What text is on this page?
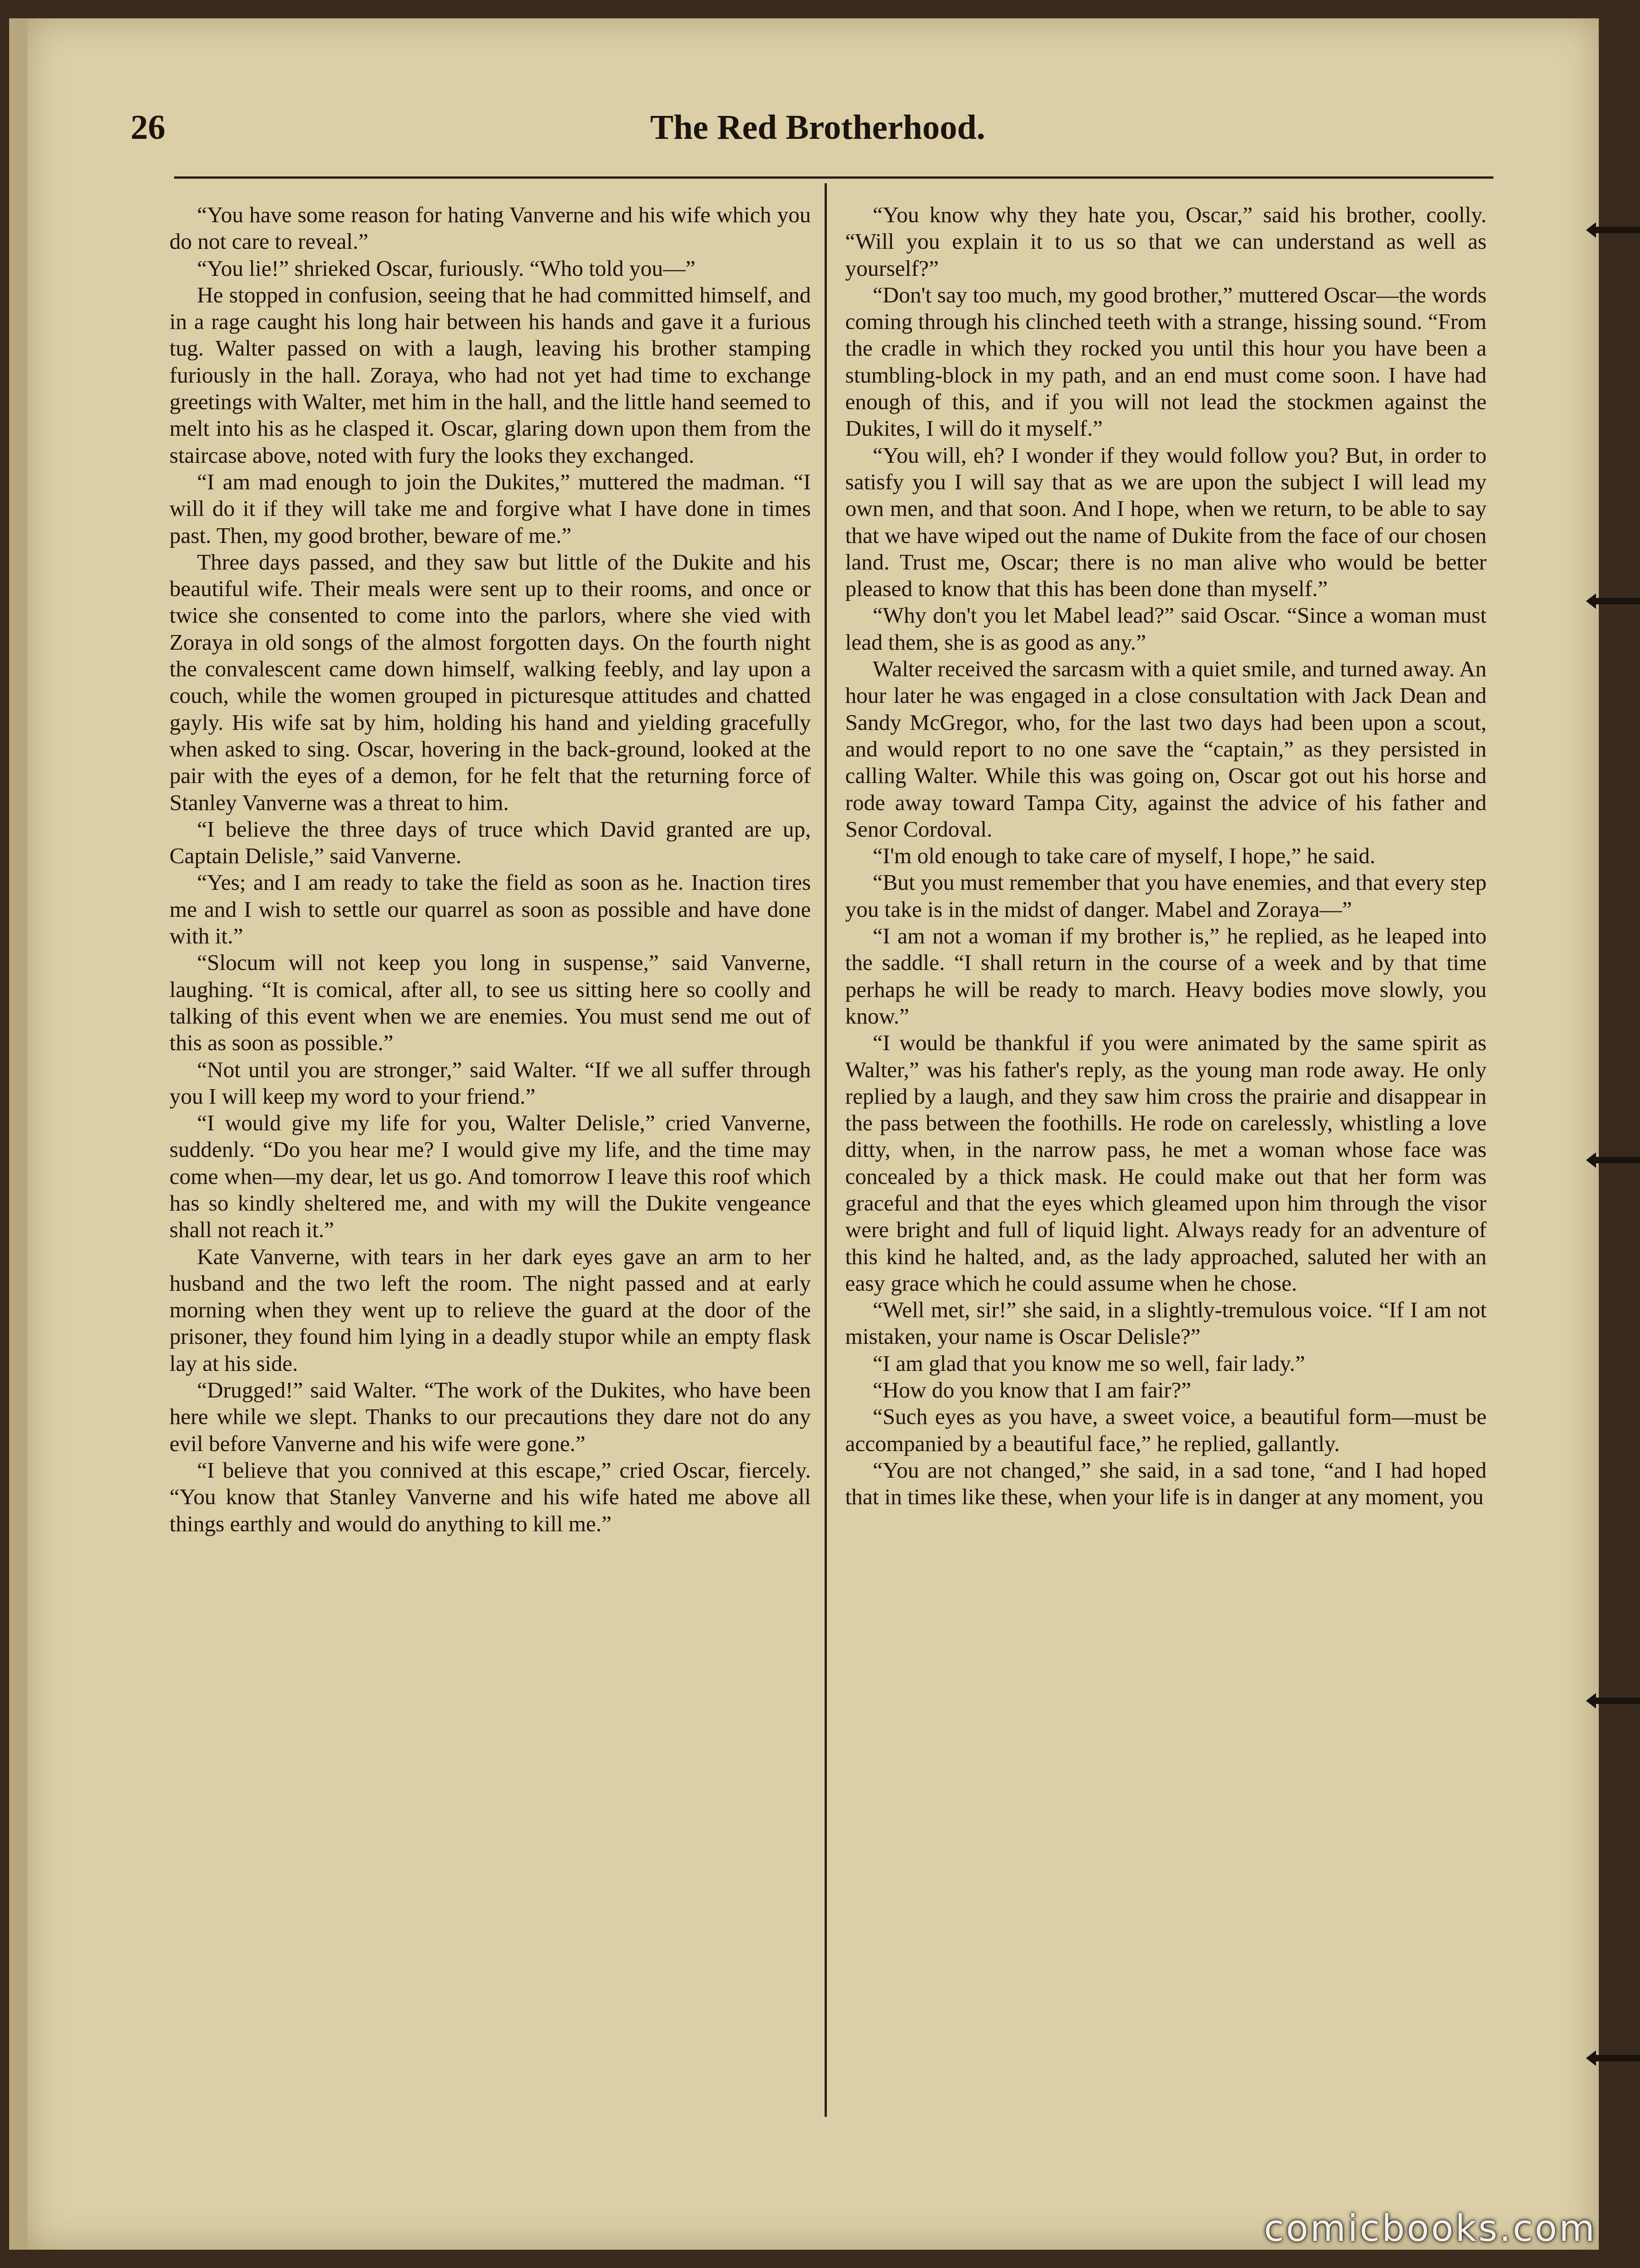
26	The Red Brotherhood.

“You have some reason for hating Vanverne and his wife which you do not care to reveal.”

“You lie!” shrieked Oscar, furiously. “Who told you—”

He stopped in confusion, seeing that he had committed himself, and in a rage caught his long hair between his hands and gave it a furious tug. Walter passed on with a laugh, leaving his brother stamping furiously in the hall. Zoraya, who had not yet had time to exchange greetings with Walter, met him in the hall, and the little hand seemed to melt into his as he clasped it. Oscar, glaring down upon them from the staircase above, noted with fury the looks they exchanged.

“I am mad enough to join the Dukites,” muttered the madman. “I will do it if they will take me and forgive what I have done in times past. Then, my good brother, beware of me.”

Three days passed, and they saw but little of the Dukite and his beautiful wife. Their meals were sent up to their rooms, and once or twice she consented to come into the parlors, where she vied with Zoraya in old songs of the almost forgotten days. On the fourth night the convalescent came down himself, walking feebly, and lay upon a couch, while the women grouped in picturesque attitudes and chatted gayly. His wife sat by him, holding his hand and yielding gracefully when asked to sing. Oscar, hovering in the back-ground, looked at the pair with the eyes of a demon, for he felt that the returning force of Stanley Vanverne was a threat to him.

“I believe the three days of truce which David granted are up, Captain Delisle,” said Vanverne.

“Yes; and I am ready to take the field as soon as he. Inaction tires me and I wish to settle our quarrel as soon as possible and have done with it.”

“Slocum will not keep you long in suspense,” said Vanverne, laughing. “It is comical, after all, to see us sitting here so coolly and talking of this event when we are enemies. You must send me out of this as soon as possible.”

“Not until you are stronger,” said Walter. “If we all suffer through you I will keep my word to your friend.”

“I would give my life for you, Walter Delisle,” cried Vanverne, suddenly. “Do you hear me? I would give my life, and the time may come when—my dear, let us go. And tomorrow I leave this roof which has so kindly sheltered me, and with my will the Dukite vengeance shall not reach it.”

Kate Vanverne, with tears in her dark eyes gave an arm to her husband and the two left the room. The night passed and at early morning when they went up to relieve the guard at the door of the prisoner, they found him lying in a deadly stupor while an empty flask lay at his side.

“Drugged!” said Walter. “The work of the Dukites, who have been here while we slept. Thanks to our precautions they dare not do any evil before Vanverne and his wife were gone.”

“I believe that you connived at this escape,” cried Oscar, fiercely. “You know that Stanley Vanverne and his wife hated me above all things earthly and would do anything to kill me.”

“You know why they hate you, Oscar,” said his brother, coolly. “Will you explain it to us so that we can understand as well as yourself?”

“Don't say too much, my good brother,” muttered Oscar—the words coming through his clinched teeth with a strange, hissing sound. “From the cradle in which they rocked you until this hour you have been a stumbling-block in my path, and an end must come soon. I have had enough of this, and if you will not lead the stockmen against the Dukites, I will do it myself.”

“You will, eh? I wonder if they would follow you? But, in order to satisfy you I will say that as we are upon the subject I will lead my own men, and that soon. And I hope, when we return, to be able to say that we have wiped out the name of Dukite from the face of our chosen land. Trust me, Oscar; there is no man alive who would be better pleased to know that this has been done than myself.”

“Why don't you let Mabel lead?” said Oscar. “Since a woman must lead them, she is as good as any.”

Walter received the sarcasm with a quiet smile, and turned away. An hour later he was engaged in a close consultation with Jack Dean and Sandy McGregor, who, for the last two days had been upon a scout, and would report to no one save the “captain,” as they persisted in calling Walter. While this was going on, Oscar got out his horse and rode away toward Tampa City, against the advice of his father and Senor Cordoval.

“I'm old enough to take care of myself, I hope,” he said.

“But you must remember that you have enemies, and that every step you take is in the midst of danger. Mabel and Zoraya—”

“I am not a woman if my brother is,” he replied, as he leaped into the saddle. “I shall return in the course of a week and by that time perhaps he will be ready to march. Heavy bodies move slowly, you know.”

“I would be thankful if you were animated by the same spirit as Walter,” was his father's reply, as the young man rode away. He only replied by a laugh, and they saw him cross the prairie and disappear in the pass between the foothills. He rode on carelessly, whistling a love ditty, when, in the narrow pass, he met a woman whose face was concealed by a thick mask. He could make out that her form was graceful and that the eyes which gleamed upon him through the visor were bright and full of liquid light. Always ready for an adventure of this kind he halted, and, as the lady approached, saluted her with an easy grace which he could assume when he chose.

“Well met, sir!” she said, in a slightly-tremulous voice. “If I am not mistaken, your name is Oscar Delisle?”

“I am glad that you know me so well, fair lady.”

“How do you know that I am fair?”

“Such eyes as you have, a sweet voice, a beautiful form—must be accompanied by a beautiful face,” he replied, gallantly.

“You are not changed,” she said, in a sad tone, “and I had hoped that in times like these, when your life is in danger at any moment, you

comicbooks.com
